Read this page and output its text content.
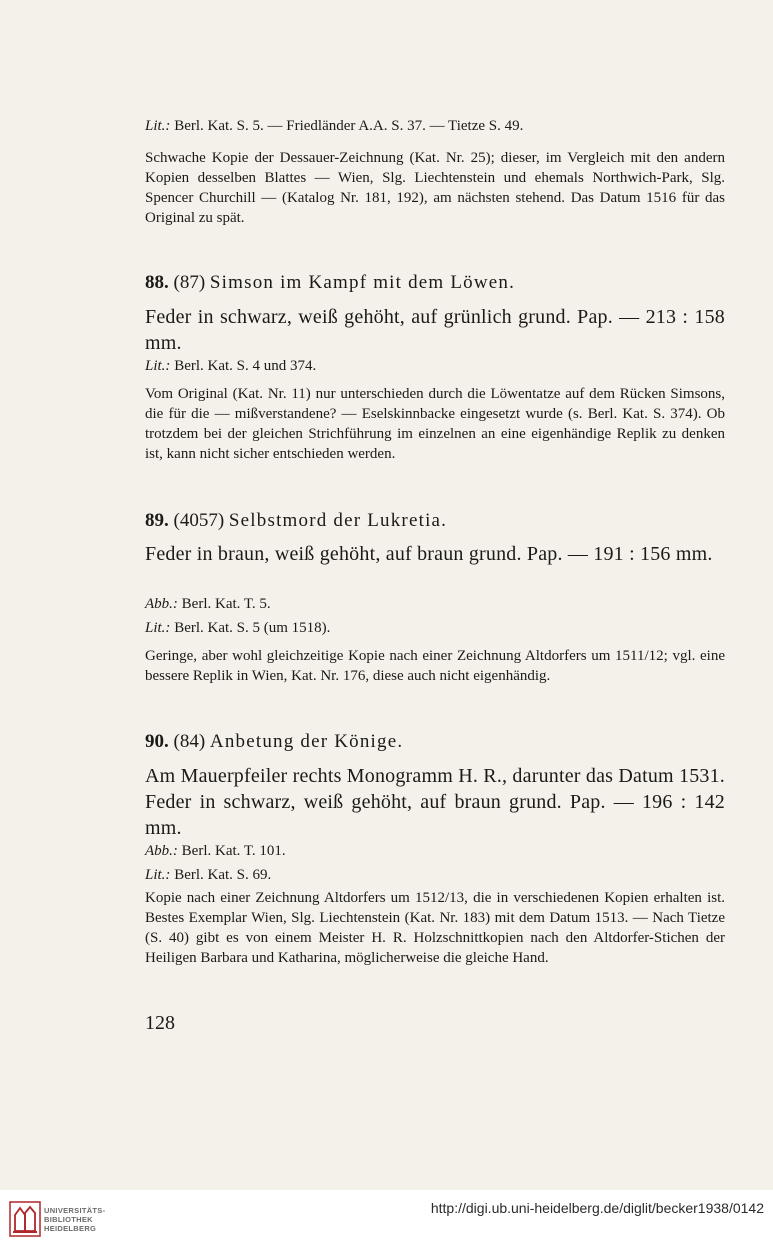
Lit.: Berl. Kat. S. 5. — Friedländer A.A. S. 37. — Tietze S. 49.
Schwache Kopie der Dessauer-Zeichnung (Kat. Nr. 25); dieser, im Vergleich mit den andern Kopien desselben Blattes — Wien, Slg. Liechtenstein und ehemals Northwich-Park, Slg. Spencer Churchill — (Katalog Nr. 181, 192), am nächsten stehend. Das Datum 1516 für das Original zu spät.
88. (87) Simson im Kampf mit dem Löwen.
Feder in schwarz, weiß gehöht, auf grünlich grund. Pap. — 213 : 158 mm.
Lit.: Berl. Kat. S. 4 und 374.
Vom Original (Kat. Nr. 11) nur unterschieden durch die Löwentatze auf dem Rücken Simsons, die für die — mißverstandene? — Eselskinnbacke eingesetzt wurde (s. Berl. Kat. S. 374). Ob trotzdem bei der gleichen Strichführung im einzelnen an eine eigenhändige Replik zu denken ist, kann nicht sicher entschieden werden.
89. (4057) Selbstmord der Lukretia.
Feder in braun, weiß gehöht, auf braun grund. Pap. — 191 : 156 mm.
Abb.: Berl. Kat. T. 5.
Lit.: Berl. Kat. S. 5 (um 1518).
Geringe, aber wohl gleichzeitige Kopie nach einer Zeichnung Altdorfers um 1511/12; vgl. eine bessere Replik in Wien, Kat. Nr. 176, diese auch nicht eigenhändig.
90. (84) Anbetung der Könige.
Am Mauerpfeiler rechts Monogramm H. R., darunter das Datum 1531. Feder in schwarz, weiß gehöht, auf braun grund. Pap. — 196 : 142 mm.
Abb.: Berl. Kat. T. 101.
Lit.: Berl. Kat. S. 69.
Kopie nach einer Zeichnung Altdorfers um 1512/13, die in verschiedenen Kopien erhalten ist. Bestes Exemplar Wien, Slg. Liechtenstein (Kat. Nr. 183) mit dem Datum 1513. — Nach Tietze (S. 40) gibt es von einem Meister H. R. Holzschnittkopien nach den Altdorfer-Stichen der Heiligen Barbara und Katharina, möglicherweise die gleiche Hand.
128
UNIVERSITÄTS-
BIBLIOTHEK
HEIDELBERG
http://digi.ub.uni-heidelberg.de/diglit/becker1938/0142
